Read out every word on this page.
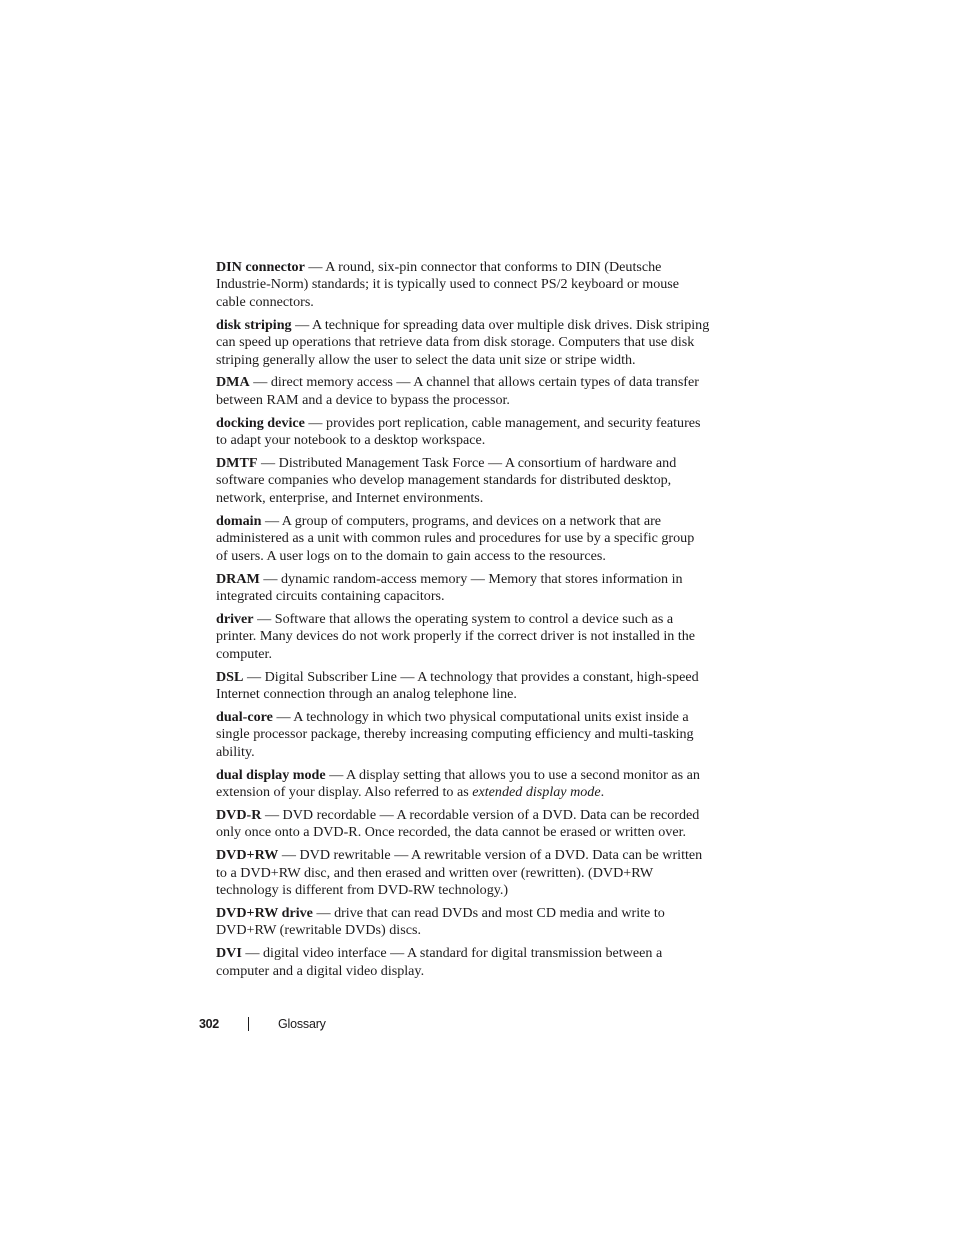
DIN connector — A round, six-pin connector that conforms to DIN (Deutsche
Industrie-Norm) standards; it is typically used to connect PS/2 keyboard or mouse
cable connectors.
disk striping — A technique for spreading data over multiple disk drives. Disk striping
can speed up operations that retrieve data from disk storage. Computers that use disk
striping generally allow the user to select the data unit size or stripe width.
DMA — direct memory access — A channel that allows certain types of data transfer
between RAM and a device to bypass the processor.
docking device — provides port replication, cable management, and security features
to adapt your notebook to a desktop workspace.
DMTF — Distributed Management Task Force — A consortium of hardware and
software companies who develop management standards for distributed desktop,
network, enterprise, and Internet environments.
domain — A group of computers, programs, and devices on a network that are
administered as a unit with common rules and procedures for use by a specific group
of users. A user logs on to the domain to gain access to the resources.
DRAM — dynamic random-access memory — Memory that stores information in
integrated circuits containing capacitors.
driver — Software that allows the operating system to control a device such as a
printer. Many devices do not work properly if the correct driver is not installed in the
computer.
DSL — Digital Subscriber Line — A technology that provides a constant, high-speed
Internet connection through an analog telephone line.
dual-core — A technology in which two physical computational units exist inside a
single processor package, thereby increasing computing efficiency and multi-tasking
ability.
dual display mode — A display setting that allows you to use a second monitor as an
extension of your display. Also referred to as extended display mode.
DVD-R — DVD recordable — A recordable version of a DVD. Data can be recorded
only once onto a DVD-R. Once recorded, the data cannot be erased or written over.
DVD+RW — DVD rewritable — A rewritable version of a DVD. Data can be written
to a DVD+RW disc, and then erased and written over (rewritten). (DVD+RW
technology is different from DVD-RW technology.)
DVD+RW drive — drive that can read DVDs and most CD media and write to
DVD+RW (rewritable DVDs) discs.
DVI — digital video interface — A standard for digital transmission between a
computer and a digital video display.
302	Glossary
